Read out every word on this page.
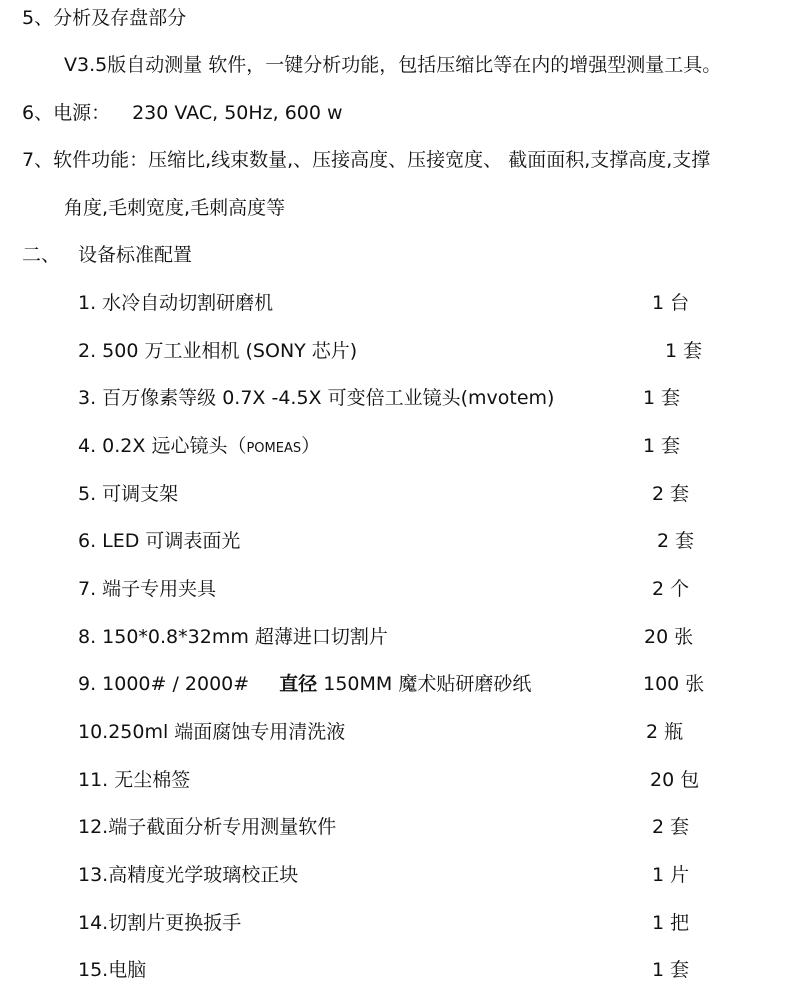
5、分析及存盘部分
V3.5版自动测量 软件，一键分析功能，包括压缩比等在内的增强型测量工具。
6、电源： 230 VAC, 50Hz, 600 w
7、软件功能：压缩比,线束数量,、压接高度、压接宽度、 截面面积,支撑高度,支撑
角度,毛刺宽度,毛刺高度等
二、 设备标准配置
1. 水冷自动切割研磨机	1 台
2. 500 万工业相机 (SONY 芯片)	1 套
3. 百万像素等级 0.7X -4.5X 可变倍工业镜头(mvotem)	1 套
4. 0.2X 远心镜头（POMEAS）	1 套
5. 可调支架	2 套
6. LED 可调表面光	2 套
7. 端子专用夹具	2 个
8. 150*0.8*32mm 超薄进口切割片	20 张
9. 1000# / 2000# 直径 150MM 魔术贴研磨砂纸	100 张
10.250ml 端面腐蚀专用清洗液	2 瓶
11. 无尘棉签	20 包
12.端子截面分析专用测量软件	2 套
13.高精度光学玻璃校正块	1 片
14.切割片更换扳手	1 把
15.电脑	1 套
